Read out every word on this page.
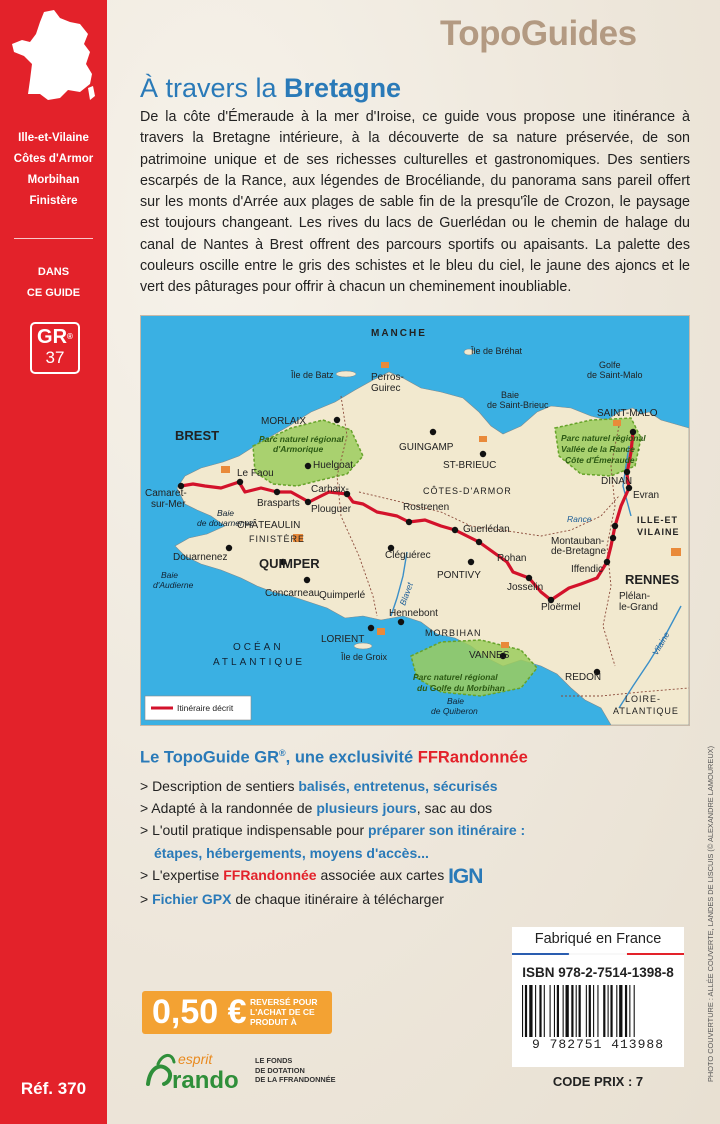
Ille-et-Vilaine
Côtes d'Armor
Morbihan
Finistère
DANS
CE GUIDE
GR®
37
Réf. 370
TopoGuides
À travers la Bretagne
De la côte d'Émeraude à la mer d'Iroise, ce guide vous propose une itinérance à travers la Bretagne intérieure, à la découverte de sa nature préservée, de son patrimoine unique et de ses richesses culturelles et gastronomiques. Des sentiers escarpés de la Rance, aux légendes de Brocéliande, du panorama sans pareil offert sur les monts d'Arrée aux plages de sable fin de la presqu'île de Crozon, le paysage est toujours changeant. Les rives du lacs de Guerlédan ou le chemin de halage du canal de Nantes à Brest offrent des parcours sportifs ou apaisants. La palette des couleurs oscille entre le gris des schistes et le bleu du ciel, le jaune des ajoncs et le vert des pâturages pour offrir à chacun un cheminement inoubliable.
MANCHE
Île de Bréhat
Île de Batz
Golfe
de Saint-Malo
Baie
de Saint-Brieuc
Perros-
Guirec
MORLAIX
GUINGAMP
ST-BRIEUC
SAINT-MALO
BREST	Parc naturel régional
d'Armorique
Parc naturel régional
Vallée de la Rance -
Côte d'Émeraude
Huelgoat
Le Faou
Camaret-
sur-Mer	Brasparts
Carhaix-
Plouguer	Rostrenen
CÔTES-D'ARMOR
DINAN
Evran
Baie
de douarnenez
CHÂTEAULIN
FINISTÈRE
Guerlédan
Rance	ILLE-ET
VILAINE
Douarnenez QUIMPER
Cléguérec	Rohan
Montauban-
de-Bretagne
Baie
d'Audierne
Concarneau
PONTIVY
Iffendic
RENNES
Quimperlé
Josselin
Blavet
Ploërmel
Plélan-
le-Grand
Hennebont
LORIENT
MORBIHAN
OCÉAN
ATLANTIQUE
VANNES
Île de Groix
Parc naturel régional
du Golfe du Morbihan
REDON
Vilaine
LOIRE-
ATLANTIQUE
Baie
de Quiberon
Itinéraire décrit
Le TopoGuide GR®, une exclusivité FFRandonnée
> Description de sentiers balisés, entretenus, sécurisés
> Adapté à la randonnée de plusieurs jours, sac au dos
> L'outil pratique indispensable pour préparer son itinéraire :
étapes, hébergements, moyens d'accès...
> L'expertise FFRandonnée associée aux cartes IGN
> Fichier GPX de chaque itinéraire à télécharger	PHOTO COUVERTURE : ALLÉE COUVERTE, LANDES DE LISCUIS (© ALEXANDRE LAMOUREUX)
0,50 € REVERSÉ POUR
L'ACHAT DE CE
PRODUIT À
esprit
rando
LE FONDS
DE DOTATION
DE LA FFRANDONNÉE
Fabriqué en France
ISBN 978-2-7514-1398-8
9 782751 413988
CODE PRIX : 7
